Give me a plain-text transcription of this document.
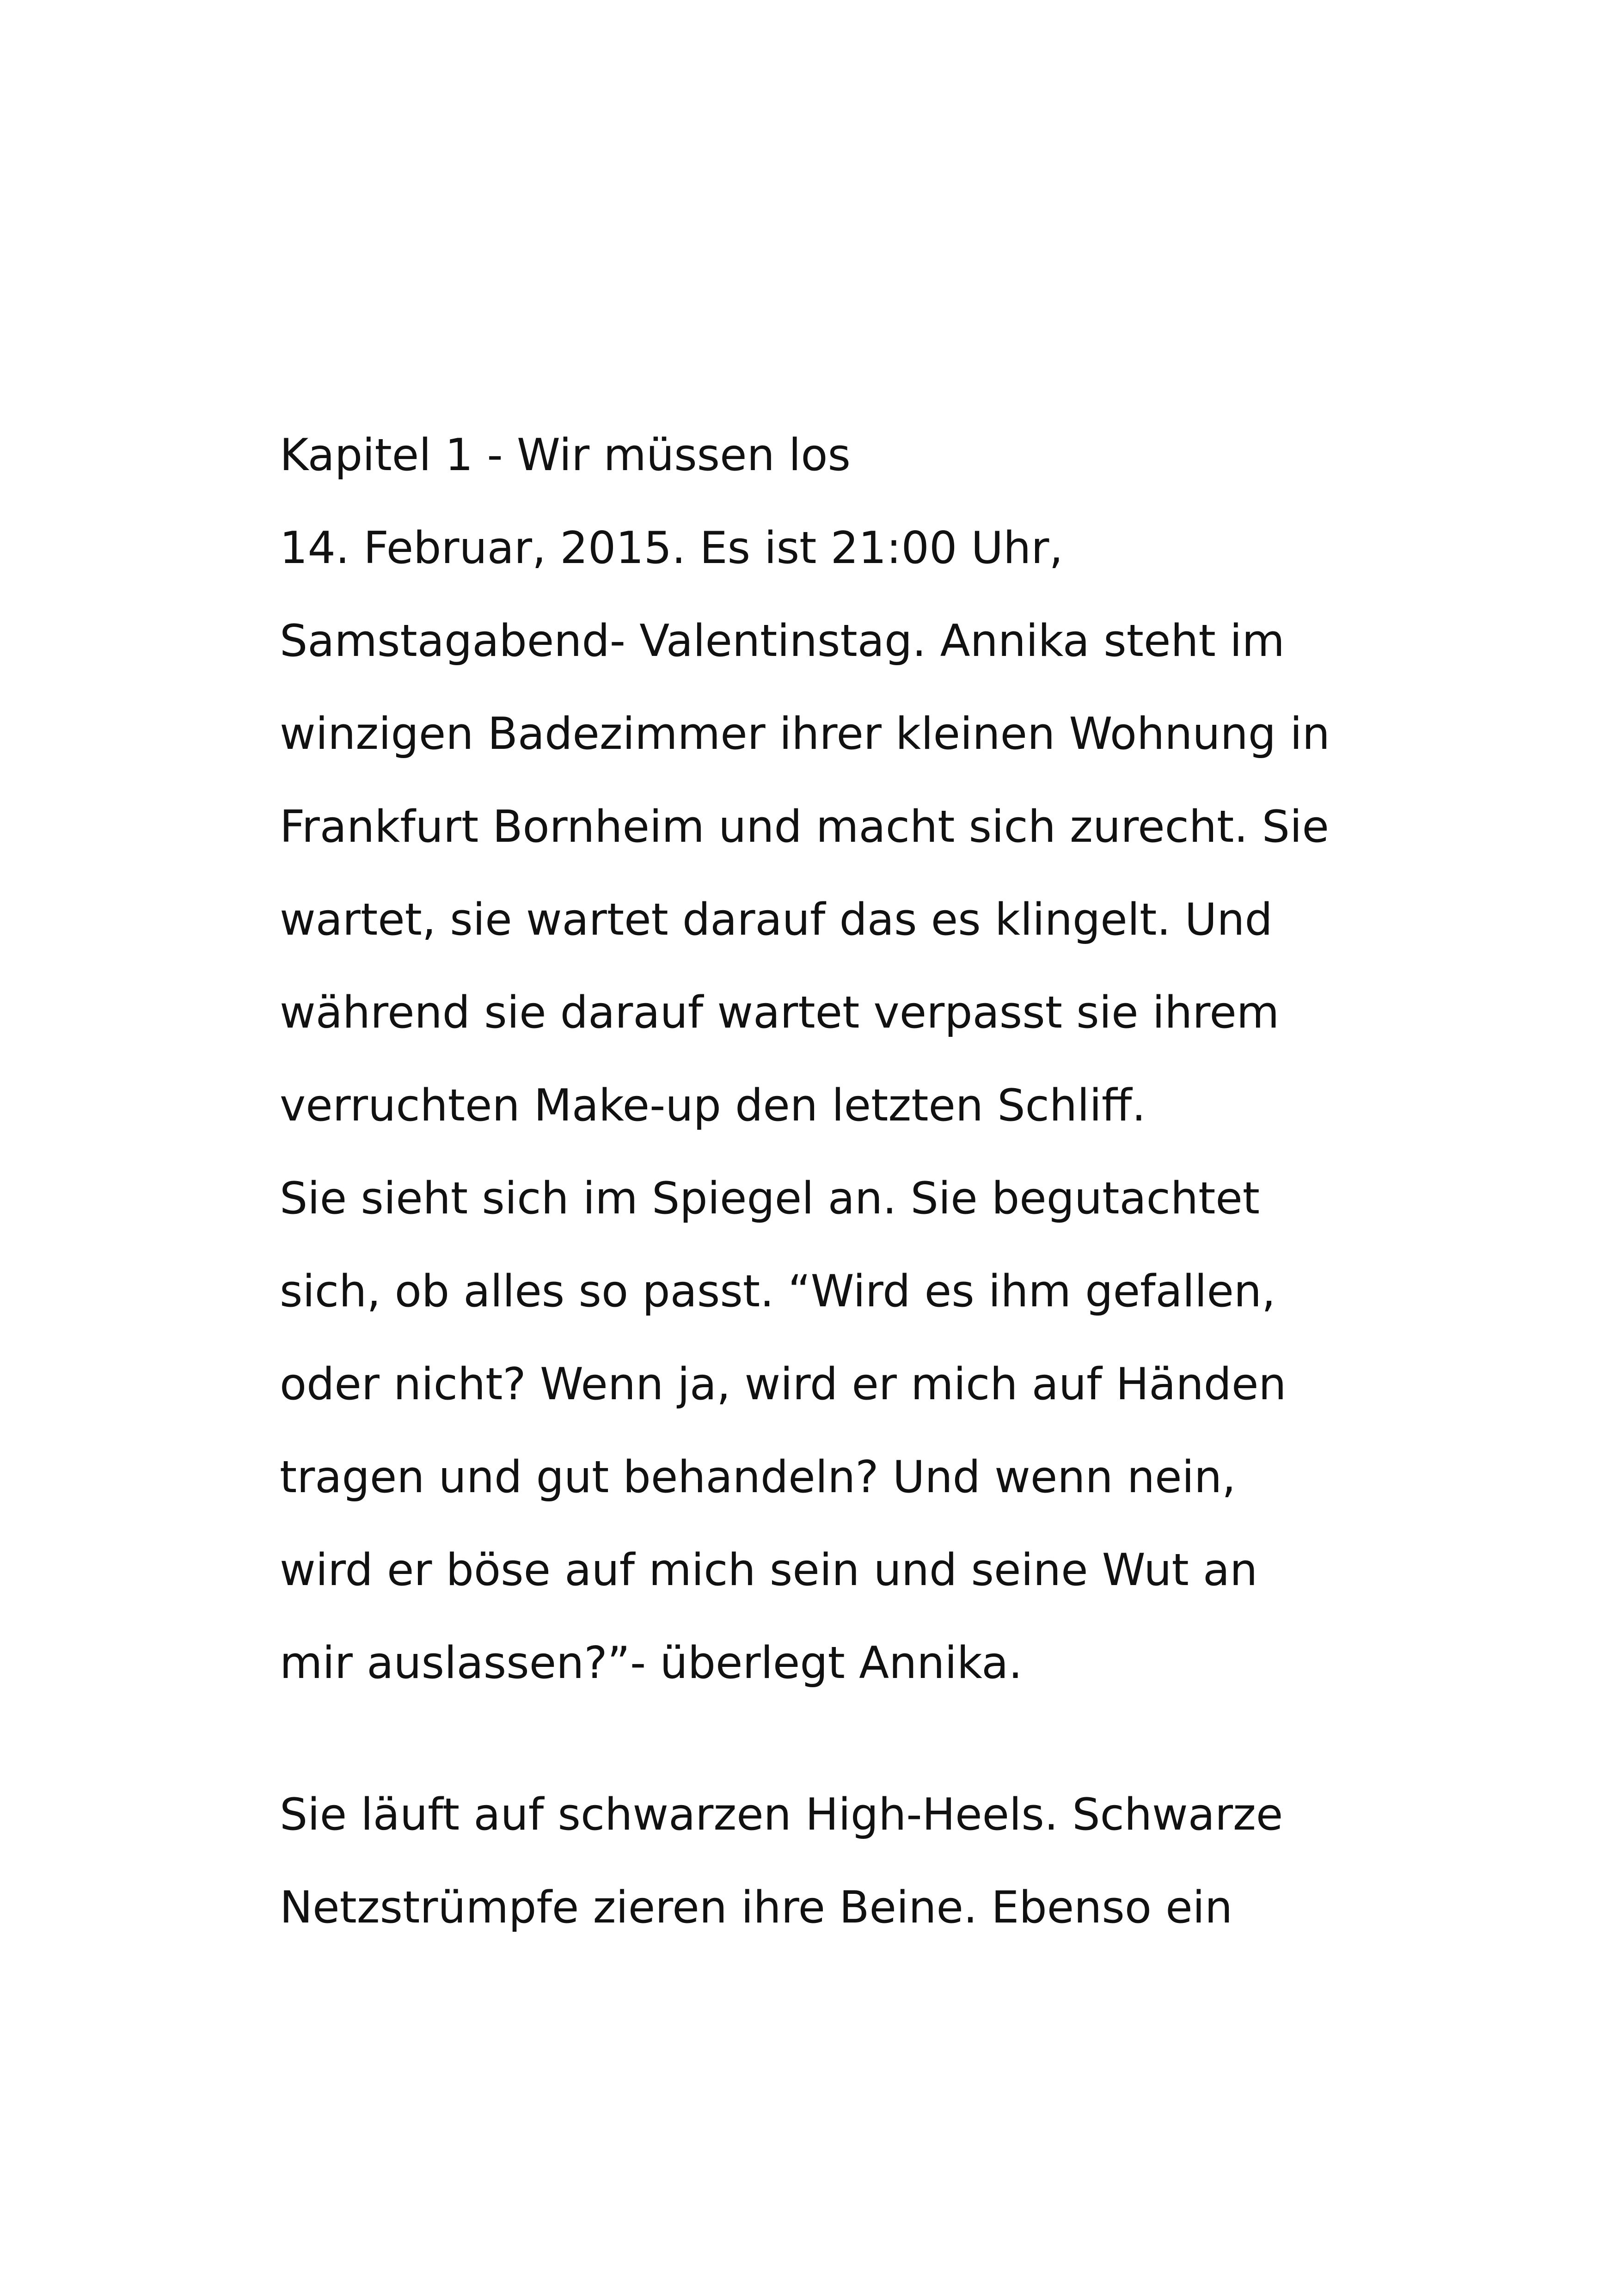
Kapitel 1 - Wir müssen los
14. Februar, 2015. Es ist 21:00 Uhr,
Samstagabend- Valentinstag. Annika steht im
winzigen Badezimmer ihrer kleinen Wohnung in
Frankfurt Bornheim und macht sich zurecht. Sie
wartet, sie wartet darauf das es klingelt. Und
während sie darauf wartet verpasst sie ihrem
verruchten Make-up den letzten Schliff.
Sie sieht sich im Spiegel an. Sie begutachtet
sich, ob alles so passt. “Wird es ihm gefallen,
oder nicht? Wenn ja, wird er mich auf Händen
tragen und gut behandeln? Und wenn nein,
wird er böse auf mich sein und seine Wut an
mir auslassen?”- überlegt Annika.
Sie läuft auf schwarzen High-Heels. Schwarze
Netzstrümpfe zieren ihre Beine. Ebenso ein
